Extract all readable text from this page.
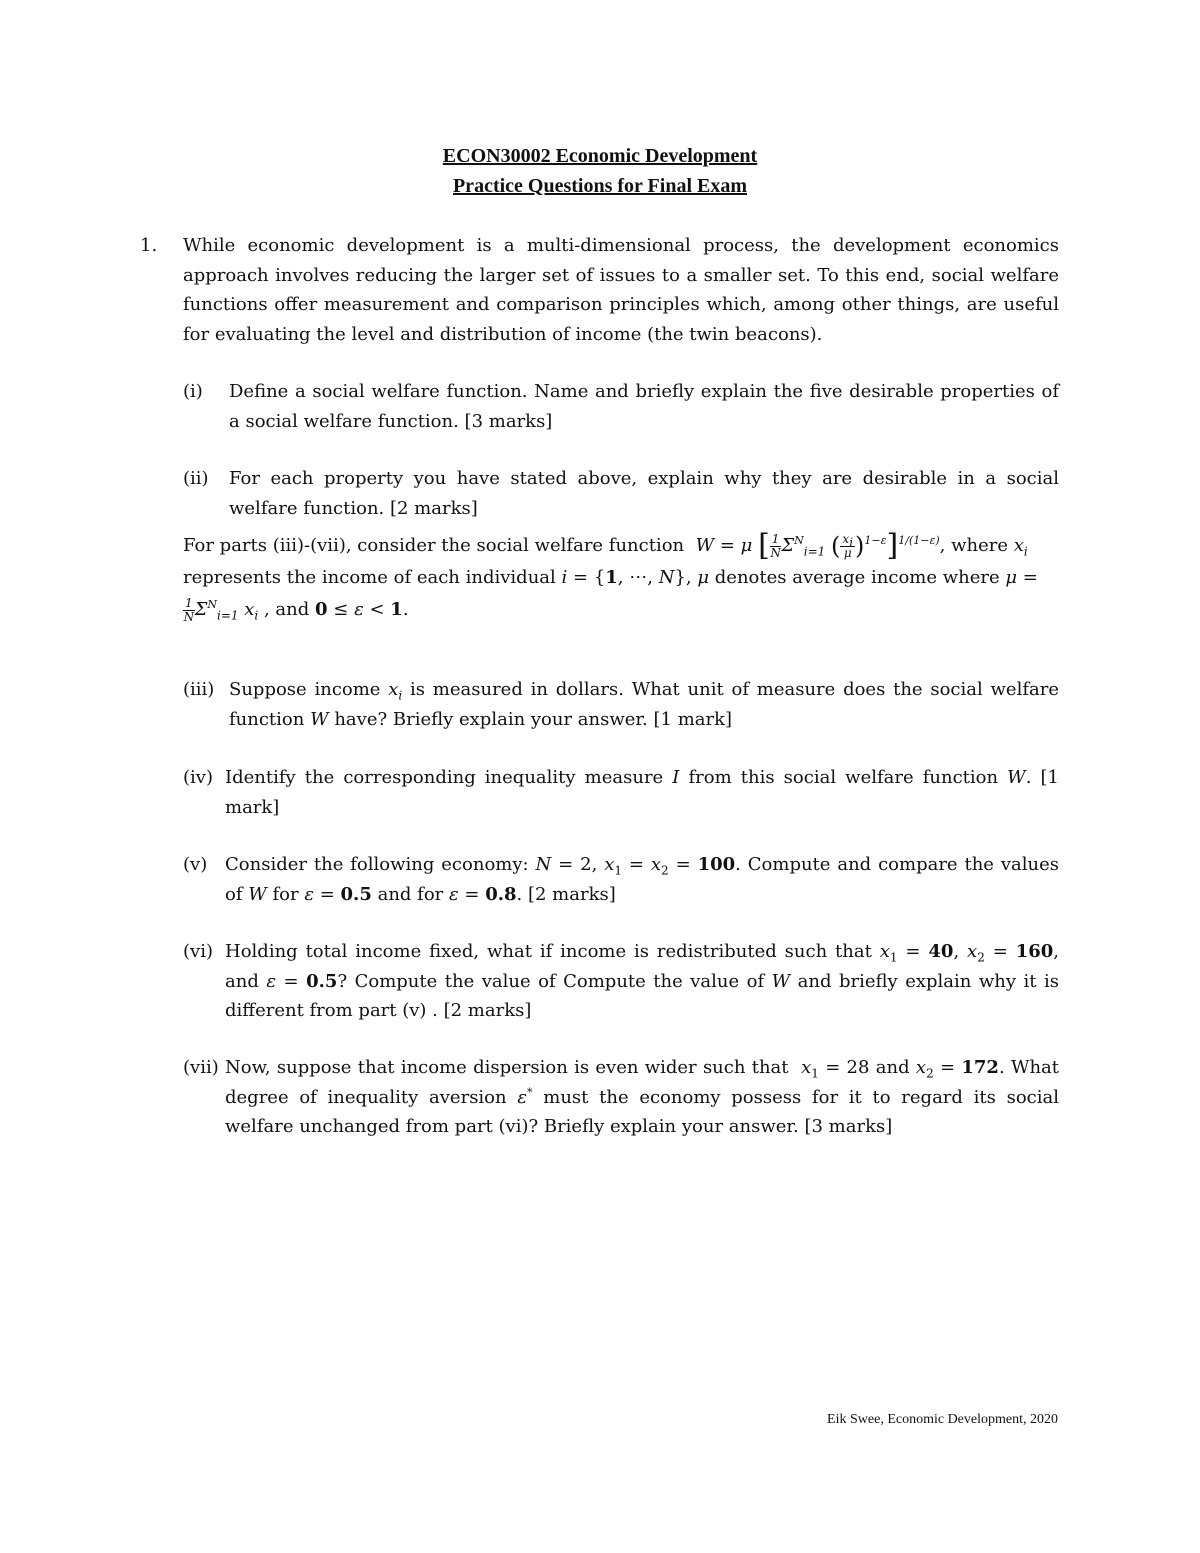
ECON30002 Economic Development
Practice Questions for Final Exam
1. While economic development is a multi-dimensional process, the development economics approach involves reducing the larger set of issues to a smaller set. To this end, social welfare functions offer measurement and comparison principles which, among other things, are useful for evaluating the level and distribution of income (the twin beacons).
(i) Define a social welfare function. Name and briefly explain the five desirable properties of a social welfare function. [3 marks]
(ii) For each property you have stated above, explain why they are desirable in a social welfare function. [2 marks]
For parts (iii)-(vii), consider the social welfare function  W = μ [ $\frac{1}{N} \Sigma^N_{i=1}$ ( $\frac{x_i}{\mu} )^{1-\varepsilon}]^{1/(1-\varepsilon)}$, where $x_i$
represents the income of each individual i = {1, ⋯, N}, μ denotes average income where μ =

$\frac{1}{N} \Sigma^N_{i=1}$ $x_i$ , and 0 ≤ ε < 1.
(iii) Suppose income $x_i$ is measured in dollars. What unit of measure does the social welfare function W have? Briefly explain your answer. [1 mark]
(iv) Identify the corresponding inequality measure I from this social welfare function W. [1 mark]
(v) Consider the following economy: N = 2, $x_1 = x_2 = 100$. Compute and compare the values of W for ε = 0.5 and for ε = 0.8. [2 marks]
(vi) Holding total income fixed, what if income is redistributed such that $x_1 = 40$, $x_2 = 160$, and ε = 0.5? Compute the value of Compute the value of W and briefly explain why it is different from part (v) . [2 marks]
(vii) Now, suppose that income dispersion is even wider such that $x_1 = 28$ and $x_2 = 172$. What degree of inequality aversion ε* must the economy possess for it to regard its social welfare unchanged from part (vi)? Briefly explain your answer. [3 marks]
Eik Swee, Economic Development, 2020
